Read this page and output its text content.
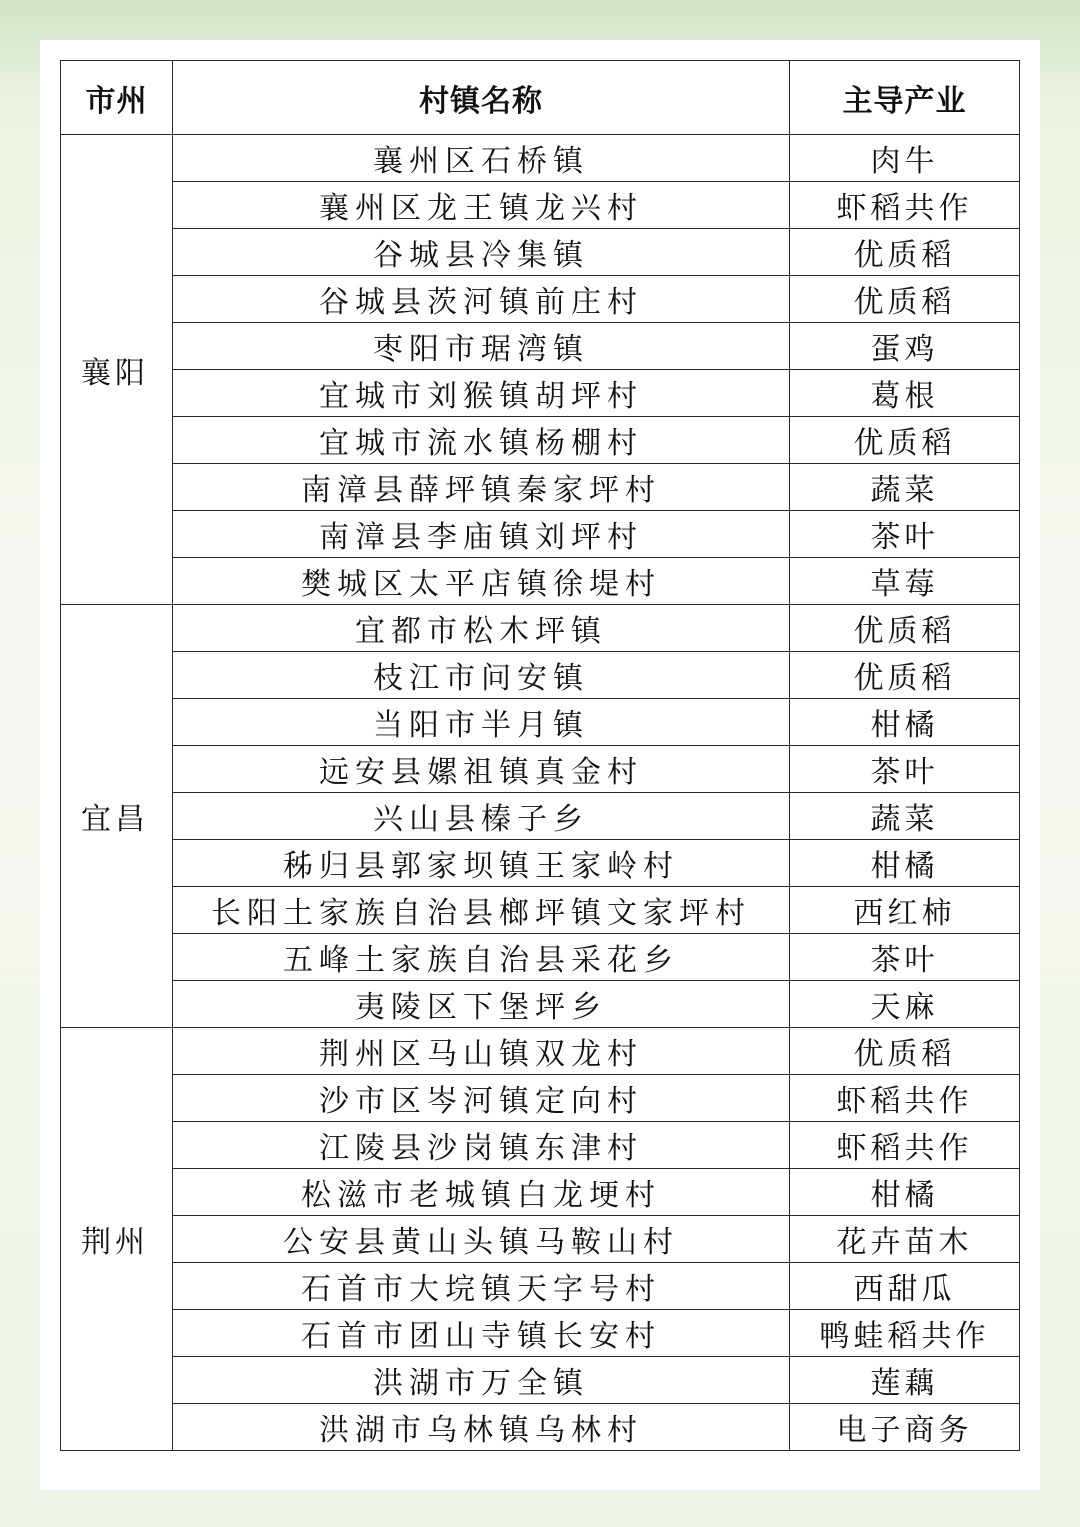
市州	村镇名称	主导产业
襄阳	襄州区石桥镇	肉牛
	襄州区龙王镇龙兴村	虾稻共作
	谷城县冷集镇	优质稻
	谷城县茨河镇前庄村	优质稻
	枣阳市琚湾镇	蛋鸡
	宜城市刘猴镇胡坪村	葛根
	宜城市流水镇杨棚村	优质稻
	南漳县薛坪镇秦家坪村	蔬菜
	南漳县李庙镇刘坪村	茶叶
	樊城区太平店镇徐堤村	草莓
宜昌	宜都市松木坪镇	优质稻
	枝江市问安镇	优质稻
	当阳市半月镇	柑橘
	远安县嫘祖镇真金村	茶叶
	兴山县榛子乡	蔬菜
	秭归县郭家坝镇王家岭村	柑橘
	长阳土家族自治县榔坪镇文家坪村	西红柿
	五峰土家族自治县采花乡	茶叶
	夷陵区下堡坪乡	天麻
荆州	荆州区马山镇双龙村	优质稻
	沙市区岑河镇定向村	虾稻共作
	江陵县沙岗镇东津村	虾稻共作
	松滋市老城镇白龙埂村	柑橘
	公安县黄山头镇马鞍山村	花卉苗木
	石首市大垸镇天字号村	西甜瓜
	石首市团山寺镇长安村	鸭蛙稻共作
	洪湖市万全镇	莲藕
	洪湖市乌林镇乌林村	电子商务
